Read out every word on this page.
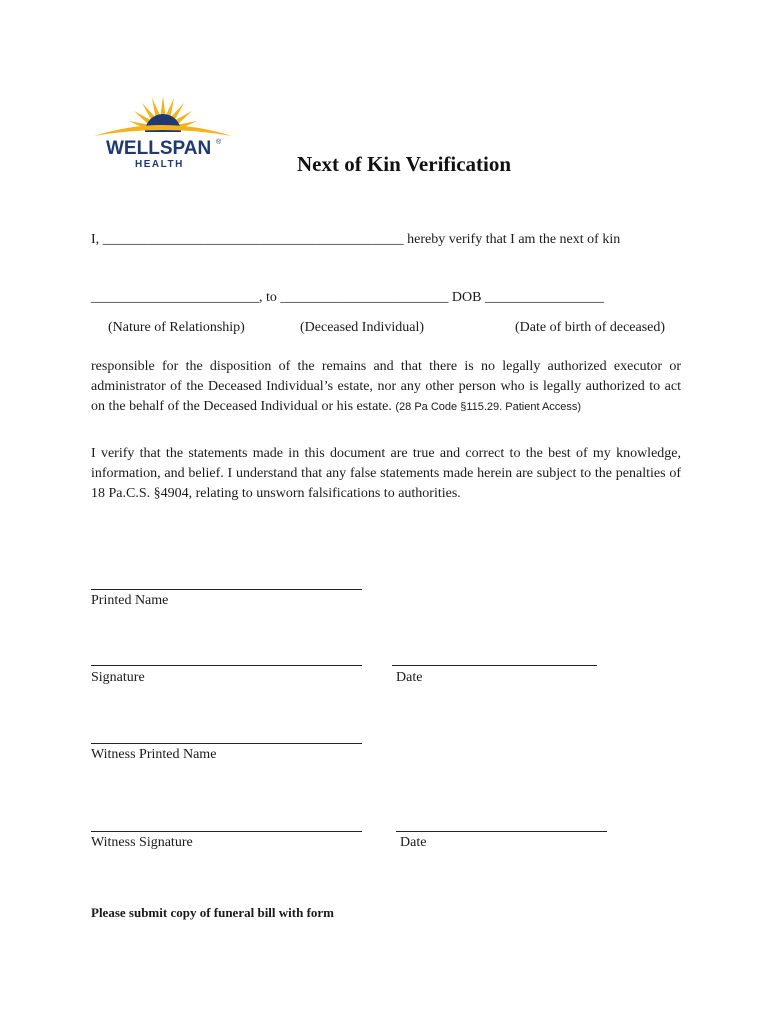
WELLSPAN ®
HEALTH	Next of Kin Verification
I, ___________________________________________ hereby verify that I am the next of kin
________________________, to ________________________ DOB _________________
(Nature of Relationship)	(Deceased Individual)	(Date of birth of deceased)
responsible for the disposition of the remains and that there is no legally authorized executor or administrator of the Deceased Individual’s estate, nor any other person who is legally authorized to act on the behalf of the Deceased Individual or his estate. (28 Pa Code §115.29. Patient Access)
I verify that the statements made in this document are true and correct to the best of my knowledge, information, and belief. I understand that any false statements made herein are subject to the penalties of 18 Pa.C.S. §4904, relating to unsworn falsifications to authorities.
Printed Name
Signature	Date
Witness Printed Name
Witness Signature	Date
Please submit copy of funeral bill with form
